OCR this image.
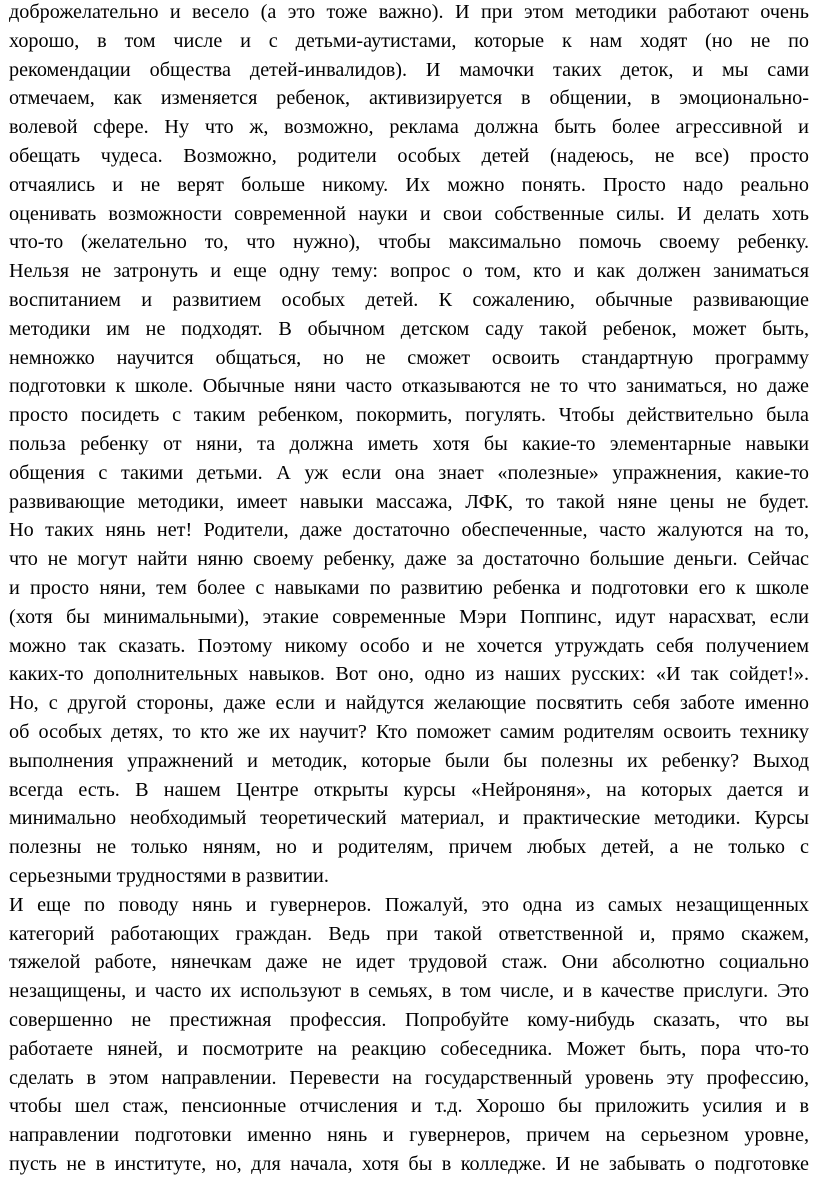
доброжелательно и весело (а это тоже важно). И при этом методики работают очень
хорошо, в том числе и с детьми-аутистами, которые к нам ходят (но не по
рекомендации общества детей-инвалидов). И мамочки таких деток, и мы сами
отмечаем, как изменяется ребенок, активизируется в общении, в эмоционально-
волевой сфере. Ну что ж, возможно, реклама должна быть более агрессивной и
обещать чудеса. Возможно, родители особых детей (надеюсь, не все) просто
отчаялись и не верят больше никому. Их можно понять. Просто надо реально
оценивать возможности современной науки и свои собственные силы. И делать хоть
что-то (желательно то, что нужно), чтобы максимально помочь своему ребенку.
Нельзя не затронуть и еще одну тему: вопрос о том, кто и как должен заниматься
воспитанием и развитием особых детей. К сожалению, обычные развивающие
методики им не подходят. В обычном детском саду такой ребенок, может быть,
немножко научится общаться, но не сможет освоить стандартную программу
подготовки к школе. Обычные няни часто отказываются не то что заниматься, но даже
просто посидеть с таким ребенком, покормить, погулять. Чтобы действительно была
польза ребенку от няни, та должна иметь хотя бы какие-то элементарные навыки
общения с такими детьми. А уж если она знает «полезные» упражнения, какие-то
развивающие методики, имеет навыки массажа, ЛФК, то такой няне цены не будет.
Но таких нянь нет! Родители, даже достаточно обеспеченные, часто жалуются на то,
что не могут найти няню своему ребенку, даже за достаточно большие деньги. Сейчас
и просто няни, тем более с навыками по развитию ребенка и подготовки его к школе
(хотя бы минимальными), этакие современные Мэри Поппинс, идут нарасхват, если
можно так сказать. Поэтому никому особо и не хочется утруждать себя получением
каких-то дополнительных навыков. Вот оно, одно из наших русских: «И так сойдет!».
Но, с другой стороны, даже если и найдутся желающие посвятить себя заботе именно
об особых детях, то кто же их научит? Кто поможет самим родителям освоить технику
выполнения упражнений и методик, которые были бы полезны их ребенку? Выход
всегда есть. В нашем Центре открыты курсы «Нейроняня», на которых дается и
минимально необходимый теоретический материал, и практические методики. Курсы
полезны не только няням, но и родителям, причем любых детей, а не только с
серьезными трудностями в развитии.
И еще по поводу нянь и гувернеров. Пожалуй, это одна из самых незащищенных
категорий работающих граждан. Ведь при такой ответственной и, прямо скажем,
тяжелой работе, нянечкам даже не идет трудовой стаж. Они абсолютно социально
незащищены, и часто их используют в семьях, в том числе, и в качестве прислуги. Это
совершенно не престижная профессия. Попробуйте кому-нибудь сказать, что вы
работаете няней, и посмотрите на реакцию собеседника. Может быть, пора что-то
сделать в этом направлении. Перевести на государственный уровень эту профессию,
чтобы шел стаж, пенсионные отчисления и т.д. Хорошо бы приложить усилия и в
направлении подготовки именно нянь и гувернеров, причем на серьезном уровне,
пусть не в институте, но, для начала, хотя бы в колледже. И не забывать о подготовке
